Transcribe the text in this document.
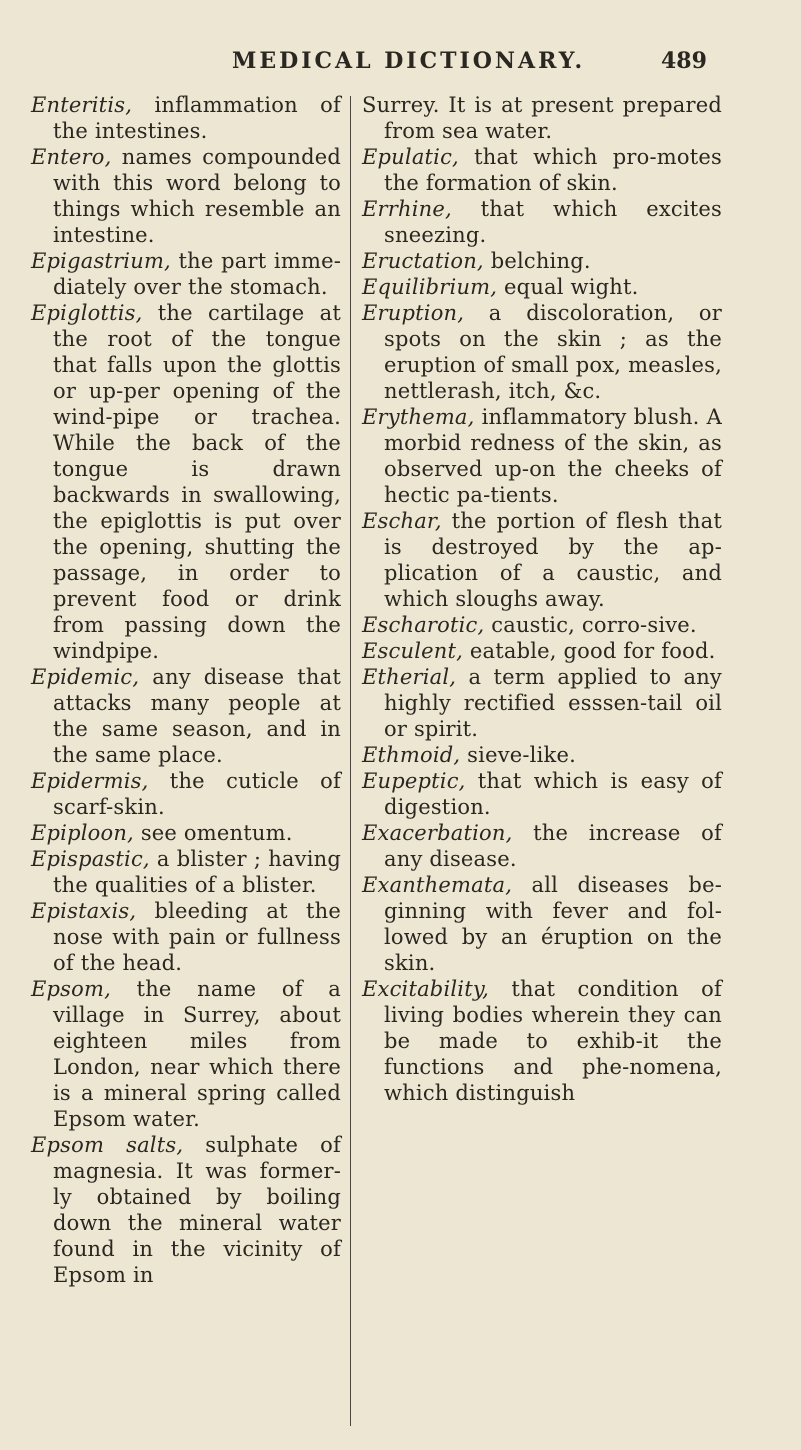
MEDICAL DICTIONARY.	489

Enteritis, inflammation of the intestines.

Entero, names compounded with this word belong to things which resemble an intestine.

Epigastrium, the part imme-diately over the stomach.

Epiglottis, the cartilage at the root of the tongue that falls upon the glottis or up-per opening of the wind-pipe or trachea. While the back of the tongue is drawn backwards in swallowing, the epiglottis is put over the opening, shutting the passage, in order to prevent food or drink from passing down the windpipe.

Epidemic, any disease that attacks many people at the same season, and in the same place.

Epidermis, the cuticle of scarf-skin.

Epiploon, see omentum.

Epispastic, a blister ; having the qualities of a blister.

Epistaxis, bleeding at the nose with pain or fullness of the head.

Epsom, the name of a village in Surrey, about eighteen miles from London, near which there is a mineral spring called Epsom water.

Epsom salts, sulphate of magnesia. It was former-ly obtained by boiling down the mineral water found in the vicinity of Epsom in

Surrey. It is at present prepared from sea water.

Epulatic, that which pro-motes the formation of skin.

Errhine, that which excites sneezing.

Eructation, belching.

Equilibrium, equal wight.

Eruption, a discoloration, or spots on the skin ; as the eruption of small pox, measles, nettlerash, itch, &c.

Erythema, inflammatory blush. A morbid redness of the skin, as observed up-on the cheeks of hectic pa-tients.

Eschar, the portion of flesh that is destroyed by the ap-plication of a caustic, and which sloughs away.

Escharotic, caustic, corro-sive.

Esculent, eatable, good for food.

Etherial, a term applied to any highly rectified esssen-tail oil or spirit.

Ethmoid, sieve-like.

Eupeptic, that which is easy of digestion.

Exacerbation, the increase of any disease.

Exanthemata, all diseases be-ginning with fever and fol-lowed by an éruption on the skin.

Excitability, that condition of living bodies wherein they can be made to exhib-it the functions and phe-nomena, which distinguish
